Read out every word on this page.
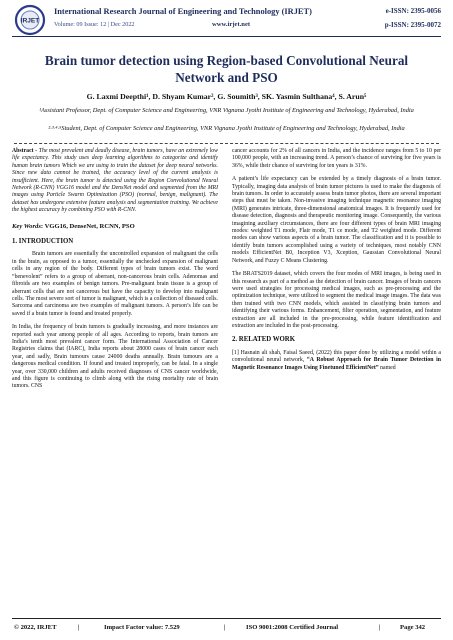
IRJET
International Research Journal of Engineering and Technology (IRJET)
Volume: 09 Issue: 12 | Dec 2022	www.irjet.net
e-ISSN: 2395-0056
p-ISSN: 2395-0072
Brain tumor detection using Region-based Convolutional Neural Network and PSO
G. Laxmi Deepthi¹, D. Shyam Kumar², G. Soumith³, SK. Yasmin Sulthana⁴, S. Arun⁵
¹Assistant Professor, Dept. of Computer Science and Engineering, VNR Vignana Jyothi Institute of Engineering and Technology, Hyderabad, India
²·³·⁴·⁵Student, Dept. of Computer Science and Engineering, VNR Vignana Jyothi Institute of Engineering and Technology, Hyderabad, India

Abstract - The most prevalent and deadly disease, brain tumors, have an extremely low life expectancy. This study uses deep learning algorithms to categorize and identify human brain tumors Which we are using to train the dataset for deep neural networks. Since new data cannot be trained, the accuracy level of the current analysis is insufficient. Here, the brain tumor is detected using the Region Convolutional Neural Network (R-CNN) VGG16 model and the DensNet model and segmented from the MRI images using Particle Swarm Optimization (PSO) (normal, benign, malignant). The dataset has undergone extensive feature analysis and segmentation training. We achieve the highest accuracy by combining PSO with R-CNN.

Key Words: VGG16, DenseNet, RCNN, PSO

1. INTRODUCTION

Brain tumors are essentially the uncontrolled expansion of malignant the cells in the brain, as opposed to a tumor, essentially the unchecked expansion of malignant cells in any region of the body. Different types of brain tumors exist. The word “benevolent” refers to a group of aberrant, non-cancerous brain cells. Adenomas and fibroids are two examples of benign tumors. Pre-malignant brain tissue is a group of aberrant cells that are not cancerous but have the capacity to develop into malignant cells. The most severe sort of tumor is malignant, which is a collection of diseased cells. Sarcoma and carcinoma are two examples of malignant tumors. A person’s life can be saved if a brain tumor is found and treated properly.

In India, the frequency of brain tumors is gradually increasing, and more instances are reported each year among people of all ages. According to reports, brain tumors are India’s tenth most prevalent cancer form. The International Association of Cancer Registries claims that (IARC), India reports about 28000 cases of brain cancer each year, and sadly, Brain tumours cause 24000 deaths annually. Brain tumours are a dangerous medical condition. If found and treated improperly, can be fatal. In a single year, over 330,000 children and adults received diagnoses of CNS cancer worldwide, and this figure is continuing to climb along with the rising mortality rate of brain tumors. CNS

cancer accounts for 2% of all cancers in India, and the incidence ranges from 5 to 10 per 100,000 people, with an increasing trend. A person’s chance of surviving for five years is 36%, while their chance of surviving for ten years is 31%.

A patient’s life expectancy can be extended by a timely diagnosis of a brain tumor. Typically, imaging data analysis of brain tumor pictures is used to make the diagnosis of brain tumors. In order to accurately assess brain tumor photos, there are several important steps that must be taken. Non-invasive imaging technique magnetic resonance imaging (MRI) generates intricate, three-dimensional anatomical images. It is frequently used for disease detection, diagnosis and therapeutic monitoring image. Consequently, the various imagining auxiliary circumstances, there are four different types of brain MRI imaging modes: weighted T1 mode, Flair mode, T1 ce mode, and T2 weighted mode. Different modes can show various aspects of a brain tumor. The classification and it is possible to identify brain tumors accomplished using a variety of techniques, most notably CNN models EfficientNet B0, Inception V3, Xception, Gaussian Convolutional Neural Network, and Fuzzy C Means Clustering.

The BRATS2019 dataset, which covers the four modes of MRI images, is being used in this research as part of a method as the detection of brain cancer. Images of brain cancers were used strategies for processing medical images, such as pre-processing and the optimization technique, were utilized to segment the medical image images. The data was then trained with two CNN models, which assisted in classifying brain tumors and identifying their various forms. Enhancement, filter operation, segmentation, and feature extraction are all included in the pre-processing, while feature identification and extraction are included in the post-processing.

2. RELATED WORK

[1] Hasnain ali shah, Faisal Saeed, (2022) this paper done by utilizing a model within a convolutional neural network, “A Robust Approach for Brain Tumor Detection in Magnetic Resonance Images Using Finetuned EfficientNet” named

© 2022, IRJET	|	Impact Factor value: 7.529	|	ISO 9001:2008 Certified Journal	|	Page 342
